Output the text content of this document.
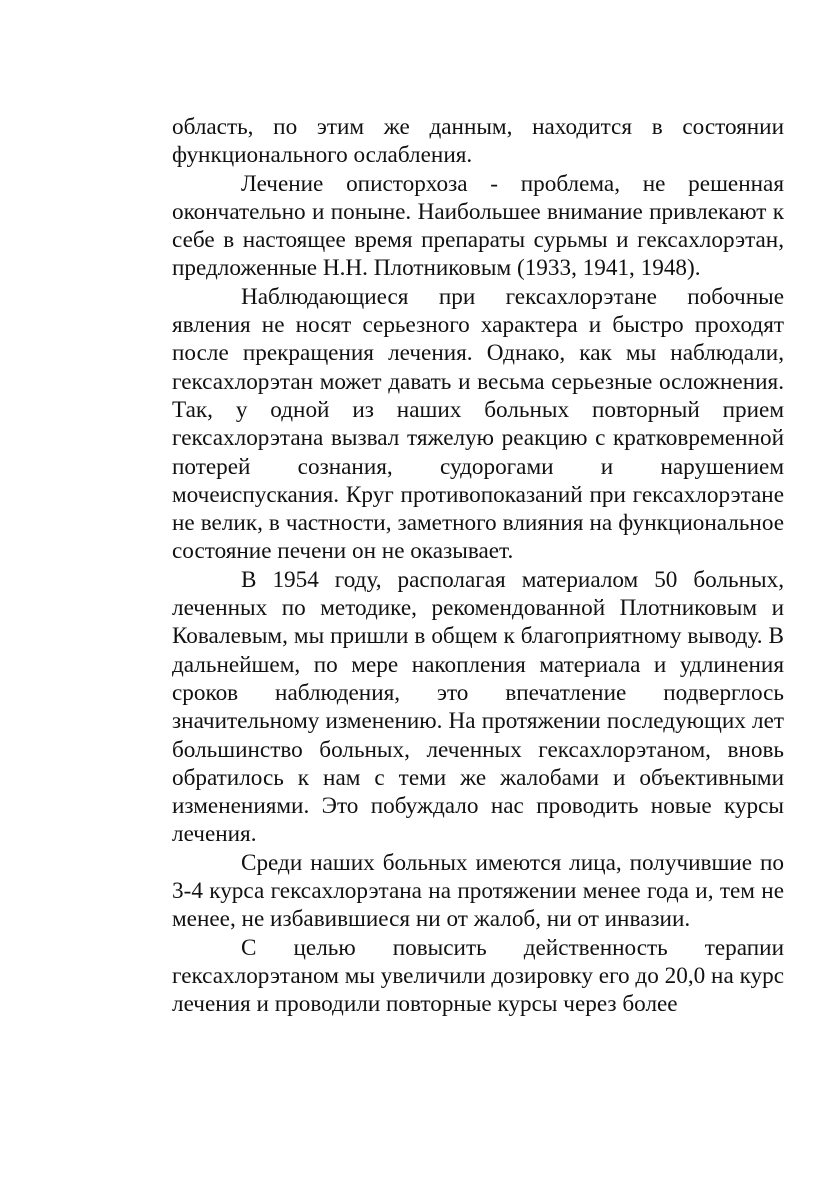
область, по этим же данным, находится в состоянии функционального ослабления.

Лечение описторхоза - проблема, не решенная окончательно и поныне. Наибольшее внимание привлекают к себе в настоящее время препараты сурьмы и гексахлорэтан, предложенные Н.Н. Плотниковым (1933, 1941, 1948).

Наблюдающиеся при гексахлорэтане побочные явления не носят серьезного характера и быстро проходят после прекращения лечения. Однако, как мы наблюдали, гексахлорэтан может давать и весьма серьезные осложнения. Так, у одной из наших больных повторный прием гексахлорэтана вызвал тяжелую реакцию с кратковременной потерей сознания, судорогами и нарушением мочеиспускания. Круг противопоказаний при гексахлорэтане не велик, в частности, заметного влияния на функциональное состояние печени он не оказывает.

В 1954 году, располагая материалом 50 больных, леченных по методике, рекомендованной Плотниковым и Ковалевым, мы пришли в общем к благоприятному выводу. В дальнейшем, по мере накопления материала и удлинения сроков наблюдения, это впечатление подверглось значительному изменению. На протяжении последующих лет большинство больных, леченных гексахлорэтаном, вновь обратилось к нам с теми же жалобами и объективными изменениями. Это побуждало нас проводить новые курсы лечения.

Среди наших больных имеются лица, получившие по 3-4 курса гексахлорэтана на протяжении менее года и, тем не менее, не избавившиеся ни от жалоб, ни от инвазии.

С целью повысить действенность терапии гексахлорэтаном мы увеличили дозировку его до 20,0 на курс лечения и проводили повторные курсы через более
